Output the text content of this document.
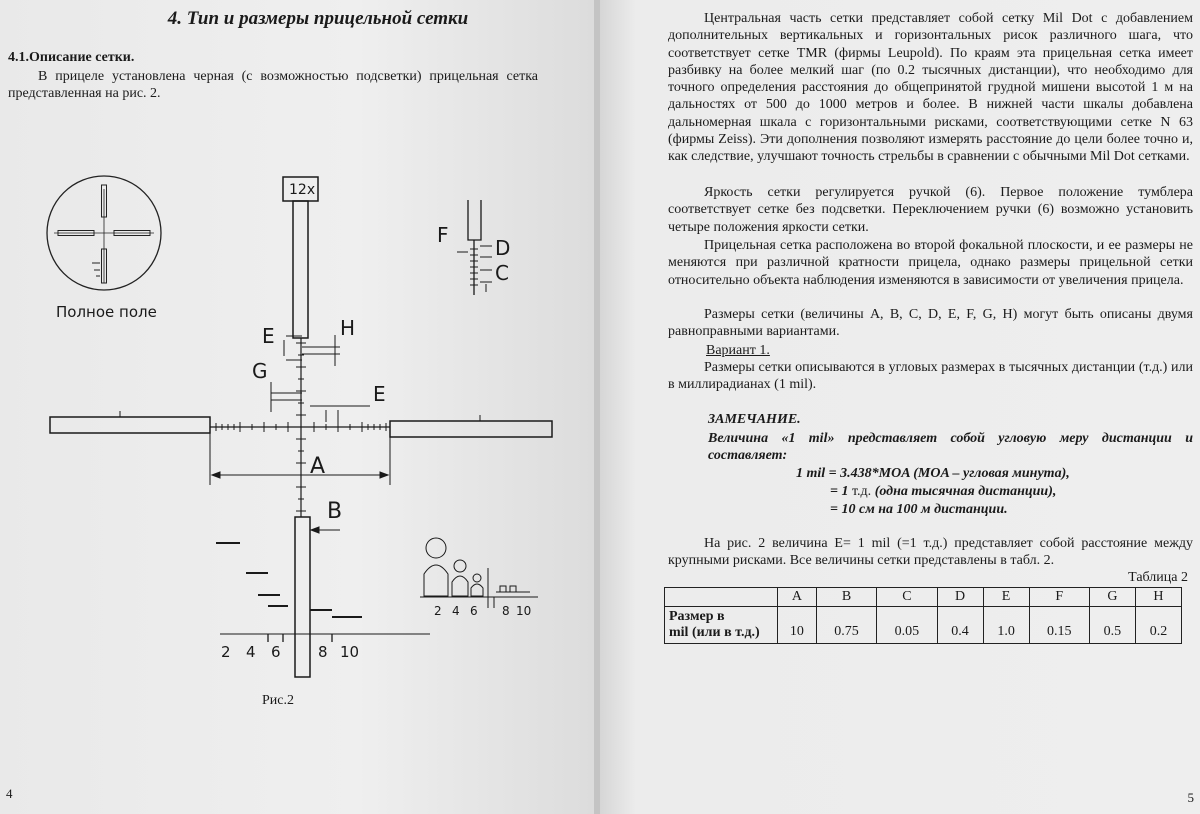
4. Тип и размеры прицельной сетки
4.1.Описание сетки.
В прицеле установлена черная (с возможностью подсветки) прицельная сетка представленная на рис. 2.
Полное поле
A
B
E	H
G
E
12x
F
D
C
2 4 6 8 10
2 4 6 8 10
Рис.2
4
Центральная часть сетки представляет собой сетку Mil Dot с добавлением дополнительных вертикальных и горизонтальных рисок различного шага, что соответствует сетке TMR (фирмы Leupold). По краям эта прицельная сетка имеет разбивку на более мелкий шаг (по 0.2 тысячных дистанции), что необходимо для точного определения расстояния до общепринятой грудной мишени высотой 1 м на дальностях от 500 до 1000 метров и более. В нижней части шкалы добавлена дальномерная шкала с горизонтальными рисками, соответствующими сетке N 63 (фирмы Zeiss). Эти дополнения позволяют измерять расстояние до цели более точно и, как следствие, улучшают точность стрельбы в сравнении с обычными Mil Dot сетками.
Яркость сетки регулируется ручкой (6). Первое положение тумблера соответствует сетке без подсветки. Переключением ручки (6) возможно установить четыре положения яркости сетки.
Прицельная сетка расположена во второй фокальной плоскости, и ее размеры не меняются при различной кратности прицела, однако размеры прицельной сетки относительно объекта наблюдения изменяются в зависимости от увеличения прицела.
Размеры сетки (величины A, B, C, D, E, F, G, H) могут быть описаны двумя равноправными вариантами.
Вариант 1.
Размеры сетки описываются в угловых размерах в тысячных дистанции (т.д.) или в миллирадианах (1 mil).
ЗАМЕЧАНИЕ.
Величина «1 mil» представляет собой угловую меру дистанции и составляет:
1 mil = 3.438*MOA (MOA – угловая минута),
= 1 т.д. (одна тысячная дистанции),
= 10 см на 100 м дистанции.
На рис. 2 величина E= 1 mil (=1 т.д.) представляет собой расстояние между крупными рисками. Все величины сетки представлены в табл. 2.
Таблица 2
	A	B	C	D	E	F	G	H
Размер в
mil (или в т.д.)	10	0.75	0.05	0.4	1.0	0.15	0.5	0.2
5
